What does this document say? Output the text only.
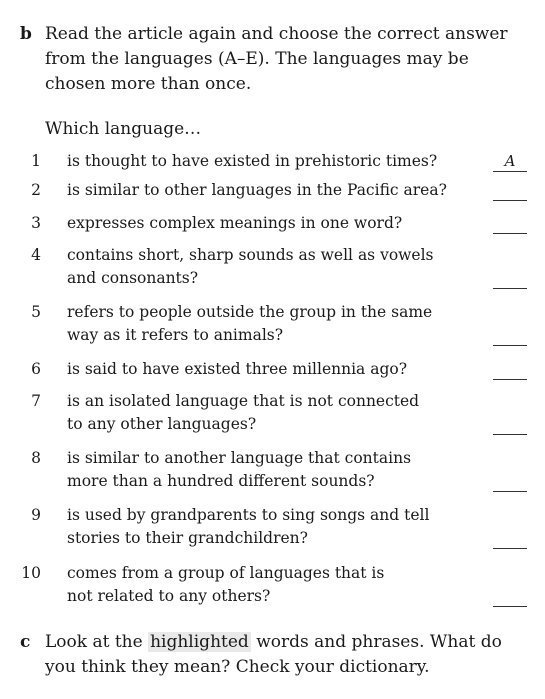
b Read the article again and choose the correct answer from the languages (A–E). The languages may be chosen more than once.
Which language…
1 is thought to have existed in prehistoric times?	A
2 is similar to other languages in the Pacific area?
3 expresses complex meanings in one word?
4 contains short, sharp sounds as well as vowels
and consonants?
5 refers to people outside the group in the same
way as it refers to animals?
6 is said to have existed three millennia ago?
7 is an isolated language that is not connected
to any other languages?
8 is similar to another language that contains
more than a hundred different sounds?
9 is used by grandparents to sing songs and tell
stories to their grandchildren?
10 comes from a group of languages that is
not related to any others?
c Look at the highlighted words and phrases. What do you think they mean? Check your dictionary.
